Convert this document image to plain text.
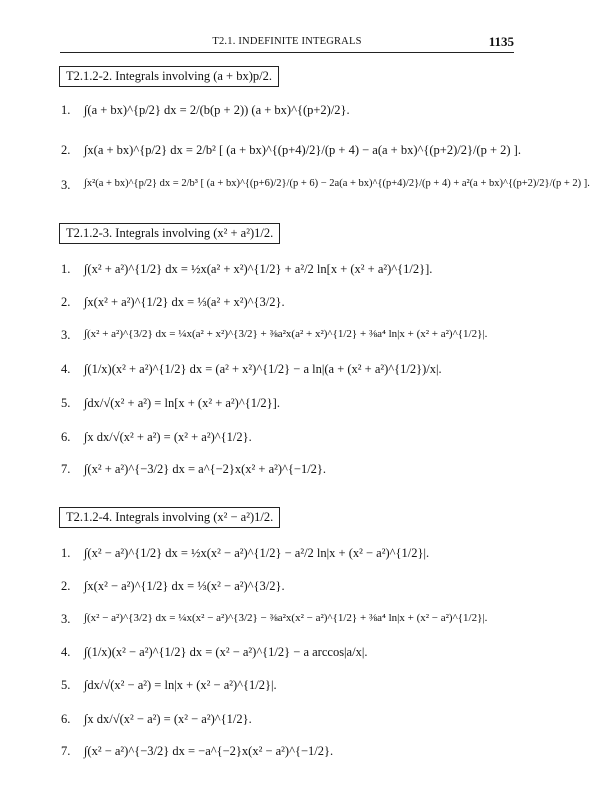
T2.1. INDEFINITE INTEGRALS	1135
T2.1.2-2. Integrals involving (a + bx)p/2.
1. ∫(a + bx)^{p/2} dx = 2/(b(p + 2)) (a + bx)^{(p+2)/2}.
2. ∫x(a + bx)^{p/2} dx = 2/b² [ (a + bx)^{(p+4)/2}/(p + 4) − a(a + bx)^{(p+2)/2}/(p + 2) ].
3. ∫x²(a + bx)^{p/2} dx = 2/b³ [ (a + bx)^{(p+6)/2}/(p + 6) − 2a(a + bx)^{(p+4)/2}/(p + 4) + a²(a + bx)^{(p+2)/2}/(p + 2) ].
T2.1.2-3. Integrals involving (x² + a²)1/2.
1. ∫(x² + a²)^{1/2} dx = ½x(a² + x²)^{1/2} + a²/2 ln[x + (x² + a²)^{1/2}].
2. ∫x(x² + a²)^{1/2} dx = ⅓(a² + x²)^{3/2}.
3. ∫(x² + a²)^{3/2} dx = ¼x(a² + x²)^{3/2} + ⅜a²x(a² + x²)^{1/2} + ⅜a⁴ ln|x + (x² + a²)^{1/2}|.
4. ∫(1/x)(x² + a²)^{1/2} dx = (a² + x²)^{1/2} − a ln|(a + (x² + a²)^{1/2})/x|.
5. ∫dx/√(x² + a²) = ln[x + (x² + a²)^{1/2}].
6. ∫x dx/√(x² + a²) = (x² + a²)^{1/2}.
7. ∫(x² + a²)^{−3/2} dx = a^{−2}x(x² + a²)^{−1/2}.
T2.1.2-4. Integrals involving (x² − a²)1/2.
1. ∫(x² − a²)^{1/2} dx = ½x(x² − a²)^{1/2} − a²/2 ln|x + (x² − a²)^{1/2}|.
2. ∫x(x² − a²)^{1/2} dx = ⅓(x² − a²)^{3/2}.
3. ∫(x² − a²)^{3/2} dx = ¼x(x² − a²)^{3/2} − ⅜a²x(x² − a²)^{1/2} + ⅜a⁴ ln|x + (x² − a²)^{1/2}|.
4. ∫(1/x)(x² − a²)^{1/2} dx = (x² − a²)^{1/2} − a arccos|a/x|.
5. ∫dx/√(x² − a²) = ln|x + (x² − a²)^{1/2}|.
6. ∫x dx/√(x² − a²) = (x² − a²)^{1/2}.
7. ∫(x² − a²)^{−3/2} dx = −a^{−2}x(x² − a²)^{−1/2}.
